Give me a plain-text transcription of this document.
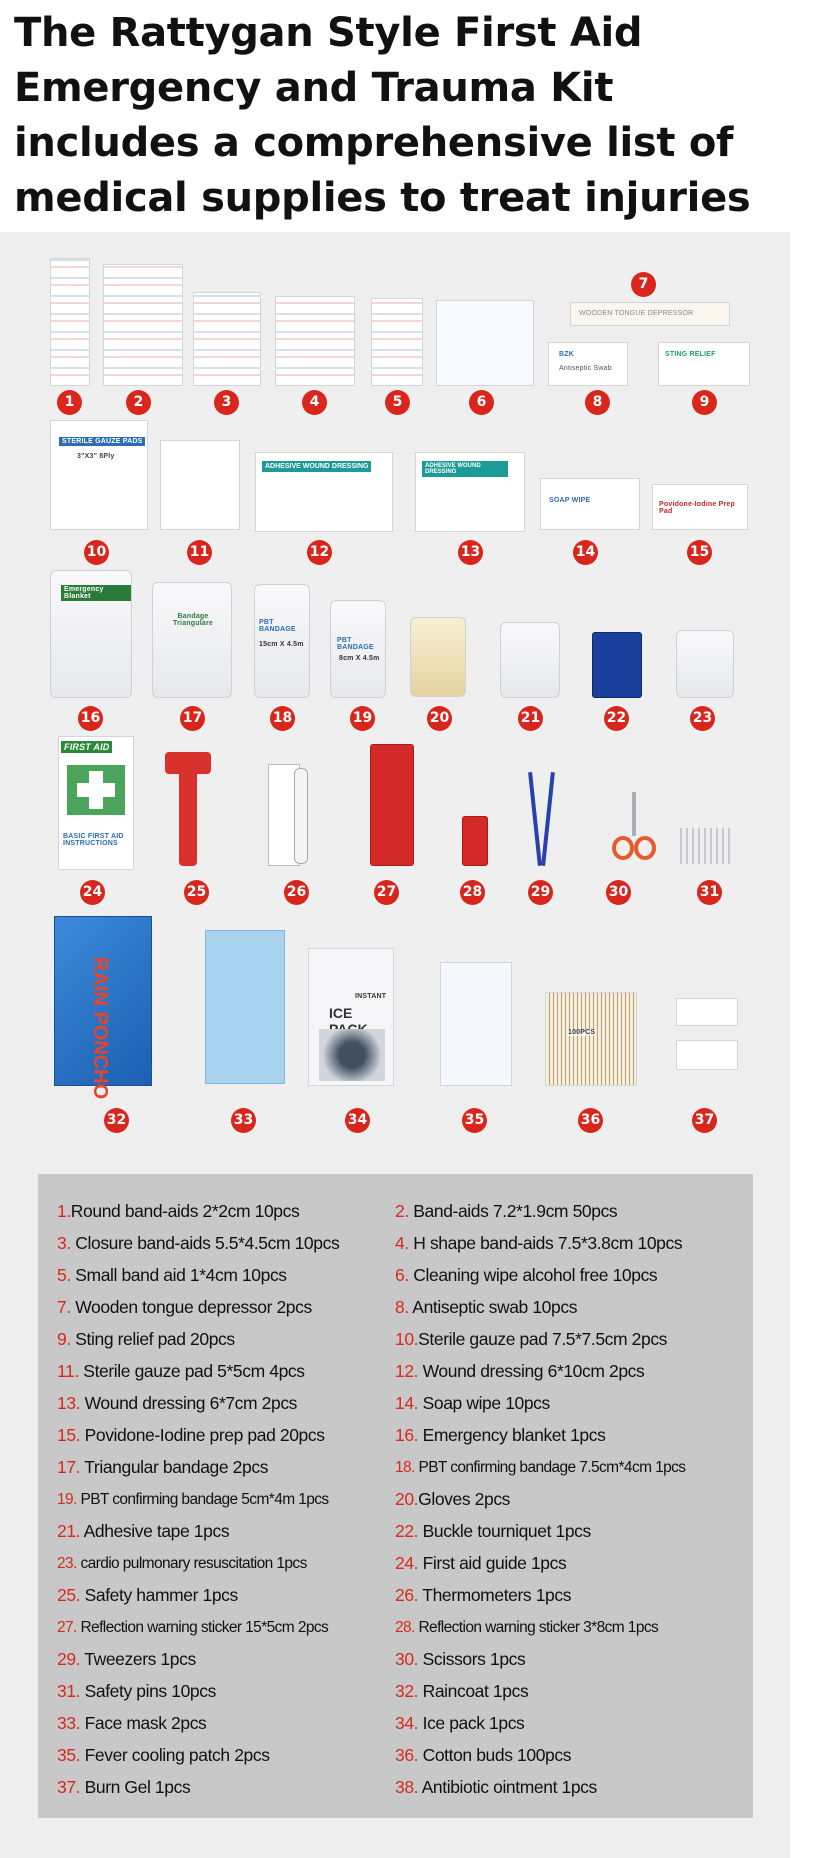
The Rattygan Style First Aid Emergency and Trauma Kit includes a comprehensive list of medical supplies to treat injuries
WOODEN TONGUE DEPRESSOR
BZK
Antiseptic Swab
STING RELIEF
1	2	3	4	5	6
7
8	9
STERILE GAUZE PADS
3"X3" 8Ply
ADHESIVE WOUND DRESSING	ADHESIVE WOUND DRESSING
SOAP WIPE
Povidone-Iodine Prep Pad
10	11	12	13	14	15
Emergency Blanket
Bandage Triangulare	PBT BANDAGE
15cm X 4.5m
PBT BANDAGE
8cm X 4.5m
16	17	18	19	20	21	22	23
FIRST AID
BASIC FIRST AID INSTRUCTIONS
24	25	26	27	28	29	30	31
RAIN PONCHO	INSTANT
ICE
100PCS
32	33	34	35	36	37
1.Round band-aids 2*2cm 10pcs	2. Band-aids 7.2*1.9cm 50pcs
3. Closure band-aids 5.5*4.5cm 10pcs	4. H shape band-aids 7.5*3.8cm 10pcs
5. Small band aid 1*4cm 10pcs	6. Cleaning wipe alcohol free 10pcs
7. Wooden tongue depressor 2pcs	8. Antiseptic swab 10pcs
9. Sting relief pad 20pcs	10.Sterile gauze pad 7.5*7.5cm 2pcs
11. Sterile gauze pad 5*5cm 4pcs	12. Wound dressing 6*10cm 2pcs
13. Wound dressing 6*7cm 2pcs	14. Soap wipe 10pcs
15. Povidone-Iodine prep pad 20pcs	16. Emergency blanket 1pcs
17. Triangular bandage 2pcs	18. PBT confirming bandage 7.5cm*4cm 1pcs
19. PBT confirming bandage 5cm*4m 1pcs	20.Gloves 2pcs
21. Adhesive tape 1pcs	22. Buckle tourniquet 1pcs
23. cardio pulmonary resuscitation 1pcs	24. First aid guide 1pcs
25. Safety hammer 1pcs	26. Thermometers 1pcs
27. Reflection warning sticker 15*5cm 2pcs	28. Reflection warning sticker 3*8cm 1pcs
29. Tweezers 1pcs	30. Scissors 1pcs
31. Safety pins 10pcs	32. Raincoat 1pcs
33. Face mask 2pcs	34. Ice pack 1pcs
35. Fever cooling patch 2pcs	36. Cotton buds 100pcs
37. Burn Gel 1pcs	38. Antibiotic ointment 1pcs
